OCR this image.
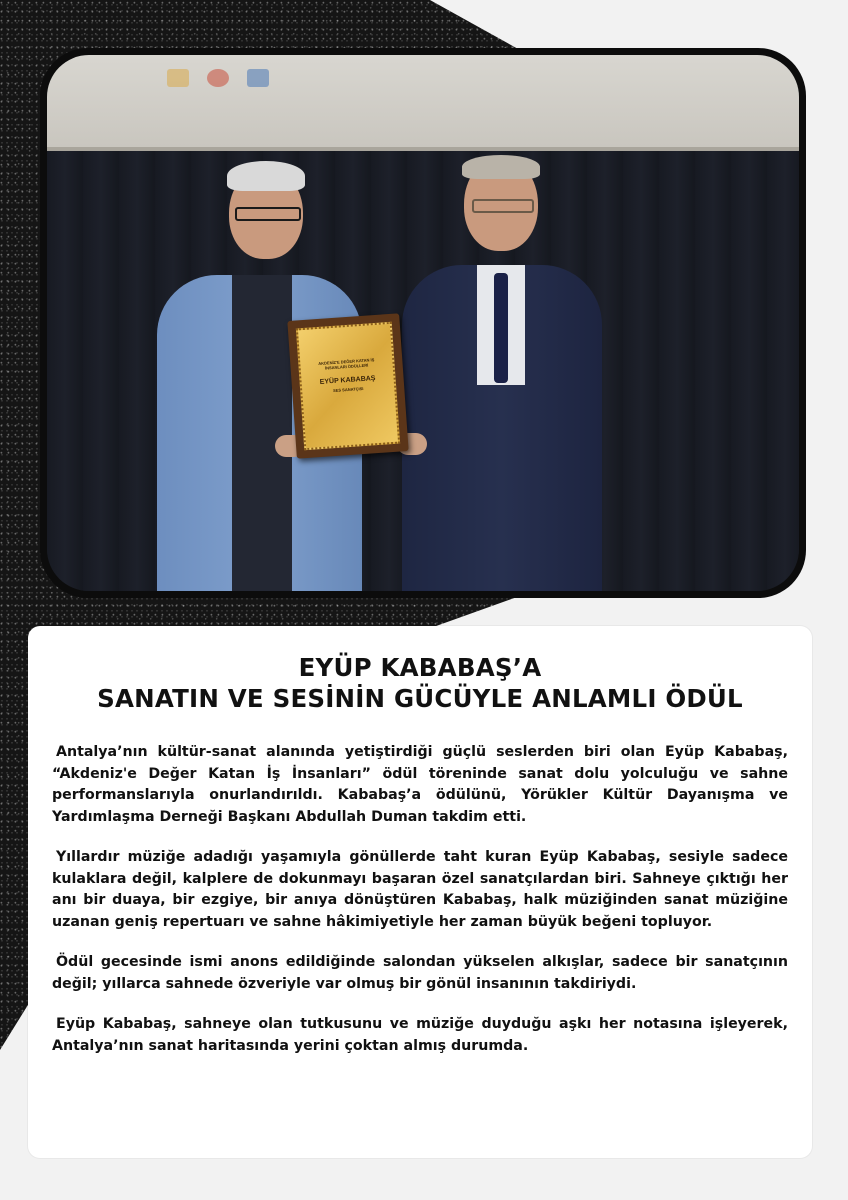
AKDENİZ'E DEĞER KATAN İŞ İNSANLARI ÖDÜLLERİ
EYÜP KABABAŞ
SES SANATÇISI
EYÜP KABABAŞ’A
SANATIN VE SESİNİN GÜCÜYLE ANLAMLI ÖDÜL

Antalya’nın kültür-sanat alanında yetiştirdiği güçlü seslerden biri olan Eyüp Kababaş, “Akdeniz'e Değer Katan İş İnsanları” ödül töreninde sanat dolu yolculuğu ve sahne performanslarıyla onurlandırıldı. Kababaş’a ödülünü, Yörükler Kültür Dayanışma ve Yardımlaşma Derneği Başkanı Abdullah Duman takdim etti.

Yıllardır müziğe adadığı yaşamıyla gönüllerde taht kuran Eyüp Kababaş, sesiyle sadece kulaklara değil, kalplere de dokunmayı başaran özel sanatçılardan biri. Sahneye çıktığı her anı bir duaya, bir ezgiye, bir anıya dönüştüren Kababaş, halk müziğinden sanat müziğine uzanan geniş repertuarı ve sahne hâkimiyetiyle her zaman büyük beğeni topluyor.

Ödül gecesinde ismi anons edildiğinde salondan yükselen alkışlar, sadece bir sanatçının değil; yıllarca sahnede özveriyle var olmuş bir gönül insanının takdiriydi.

Eyüp Kababaş, sahneye olan tutkusunu ve müziğe duyduğu aşkı her notasına işleyerek, Antalya’nın sanat haritasında yerini çoktan almış durumda.
